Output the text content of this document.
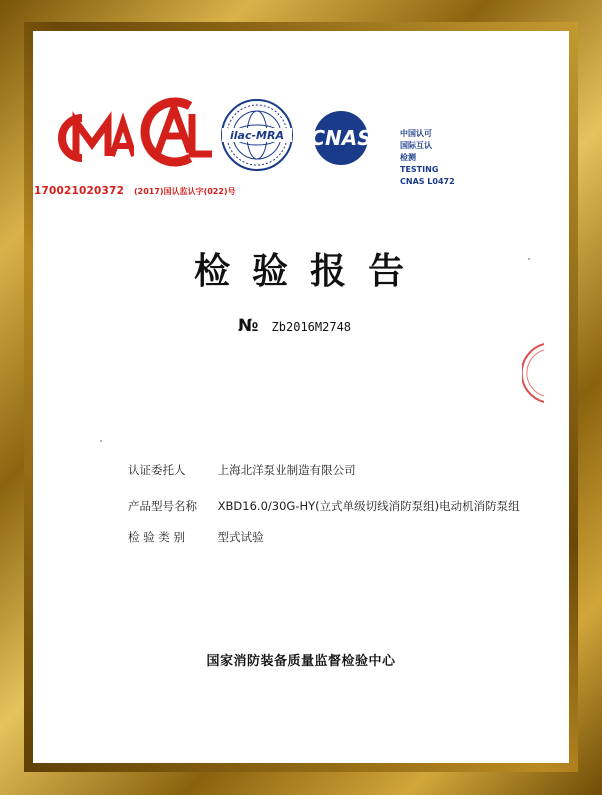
ilac-MRA CNAS
170021020372 (2017)国认监认字(022)号
中国认可
国际互认
检测
TESTING
CNAS L0472
检验报告
№ Zb2016M2748
认证委托人	上海北洋泵业制造有限公司
产品型号名称 XBD16.0/30G-HY(立式单级切线消防泵组)电动机消防泵组
检 验 类 别	型式试验
国家消防装备质量监督检验中心
